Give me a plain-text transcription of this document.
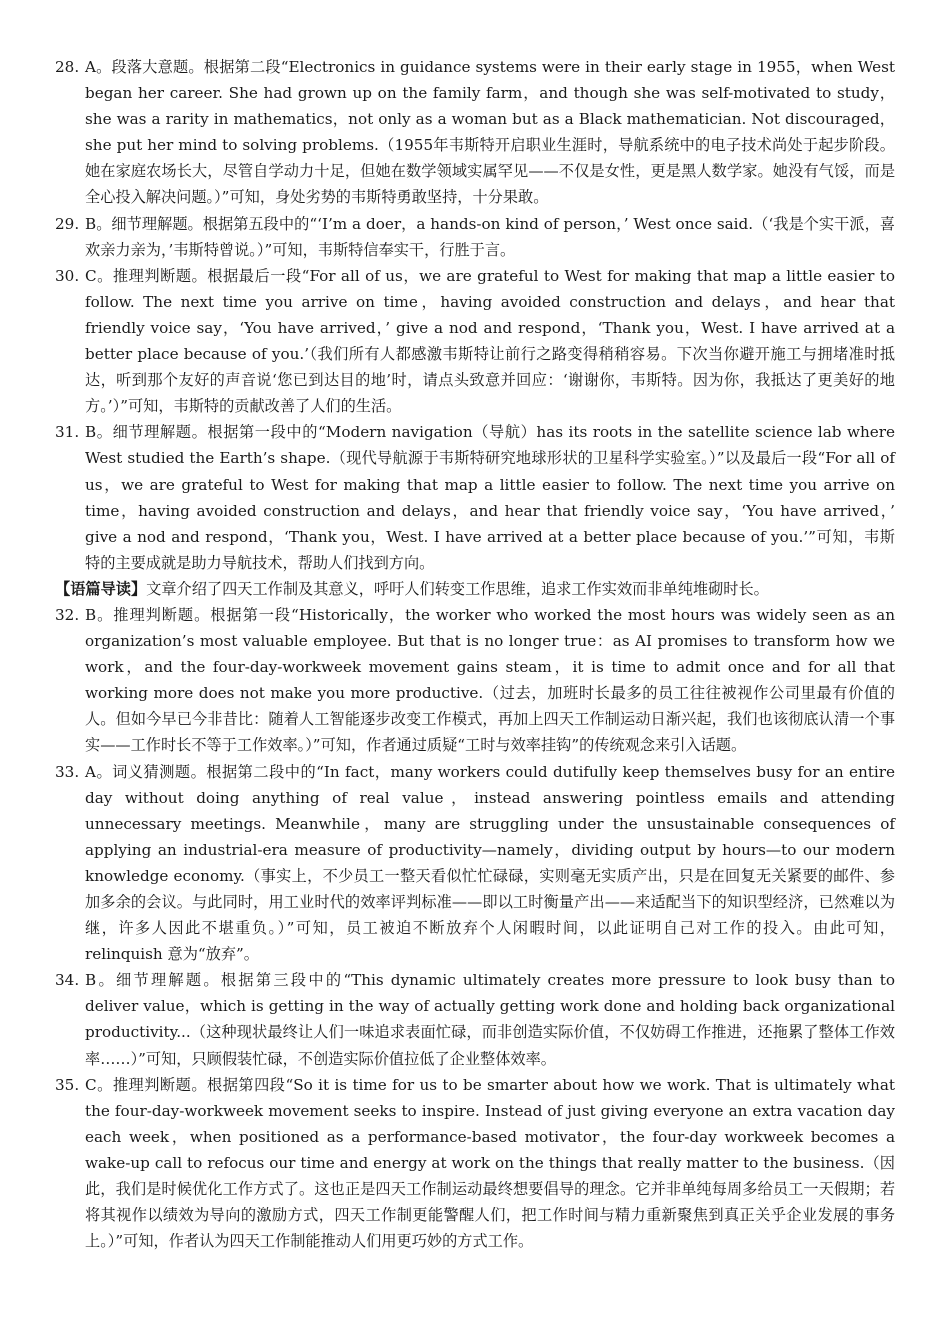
28. A。段落大意题。根据第二段“Electronics in guidance systems were in their early stage in 1955，when West began her career. She had grown up on the family farm，and though she was self-motivated to study，she was a rarity in mathematics，not only as a woman but as a Black mathematician. Not discouraged，she put her mind to solving problems.（1955年韦斯特开启职业生涯时，导航系统中的电子技术尚处于起步阶段。她在家庭农场长大，尽管自学动力十足，但她在数学领域实属罕见——不仅是女性，更是黑人数学家。她没有气馁，而是全心投入解决问题。）”可知，身处劣势的韦斯特勇敢坚持，十分果敢。

29. B。细节理解题。根据第五段中的“‘I’m a doer，a hands-on kind of person，’ West once said.（‘我是个实干派，喜欢亲力亲为，’韦斯特曾说。）”可知，韦斯特信奉实干，行胜于言。

30. C。推理判断题。根据最后一段“For all of us，we are grateful to West for making that map a little easier to follow. The next time you arrive on time，having avoided construction and delays，and hear that friendly voice say，‘You have arrived，’ give a nod and respond，‘Thank you，West. I have arrived at a better place because of you.’（我们所有人都感激韦斯特让前行之路变得稍稍容易。下次当你避开施工与拥堵准时抵达，听到那个友好的声音说‘您已到达目的地’时，请点头致意并回应：‘谢谢你，韦斯特。因为你，我抵达了更美好的地方。’）”可知，韦斯特的贡献改善了人们的生活。

31. B。细节理解题。根据第一段中的“Modern navigation（导航）has its roots in the satellite science lab where West studied the Earth’s shape.（现代导航源于韦斯特研究地球形状的卫星科学实验室。）”以及最后一段“For all of us，we are grateful to West for making that map a little easier to follow. The next time you arrive on time，having avoided construction and delays，and hear that friendly voice say，‘You have arrived，’ give a nod and respond，‘Thank you，West. I have arrived at a better place because of you.’”可知，韦斯特的主要成就是助力导航技术，帮助人们找到方向。

【语篇导读】文章介绍了四天工作制及其意义，呼吁人们转变工作思维，追求工作实效而非单纯堆砌时长。

32. B。推理判断题。根据第一段“Historically，the worker who worked the most hours was widely seen as an organization’s most valuable employee. But that is no longer true：as AI promises to transform how we work，and the four-day-workweek movement gains steam，it is time to admit once and for all that working more does not make you more productive.（过去，加班时长最多的员工往往被视作公司里最有价值的人。但如今早已今非昔比：随着人工智能逐步改变工作模式，再加上四天工作制运动日渐兴起，我们也该彻底认清一个事实——工作时长不等于工作效率。）”可知，作者通过质疑“工时与效率挂钩”的传统观念来引入话题。

33. A。词义猜测题。根据第二段中的“In fact，many workers could dutifully keep themselves busy for an entire day without doing anything of real value，instead answering pointless emails and attending unnecessary meetings. Meanwhile，many are struggling under the unsustainable consequences of applying an industrial-era measure of productivity—namely，dividing output by hours—to our modern knowledge economy.（事实上，不少员工一整天看似忙忙碌碌，实则毫无实质产出，只是在回复无关紧要的邮件、参加多余的会议。与此同时，用工业时代的效率评判标准——即以工时衡量产出——来适配当下的知识型经济，已然难以为继，许多人因此不堪重负。）”可知，员工被迫不断放弃个人闲暇时间，以此证明自己对工作的投入。由此可知，relinquish 意为“放弃”。

34. B。细节理解题。根据第三段中的“This dynamic ultimately creates more pressure to look busy than to deliver value，which is getting in the way of actually getting work done and holding back organizational productivity...（这种现状最终让人们一味追求表面忙碌，而非创造实际价值，不仅妨碍工作推进，还拖累了整体工作效率……）”可知，只顾假装忙碌，不创造实际价值拉低了企业整体效率。

35. C。推理判断题。根据第四段“So it is time for us to be smarter about how we work. That is ultimately what the four-day-workweek movement seeks to inspire. Instead of just giving everyone an extra vacation day each week，when positioned as a performance-based motivator，the four-day workweek becomes a wake-up call to refocus our time and energy at work on the things that really matter to the business.（因此，我们是时候优化工作方式了。这也正是四天工作制运动最终想要倡导的理念。它并非单纯每周多给员工一天假期；若将其视作以绩效为导向的激励方式，四天工作制更能警醒人们，把工作时间与精力重新聚焦到真正关乎企业发展的事务上。）”可知，作者认为四天工作制能推动人们用更巧妙的方式工作。
